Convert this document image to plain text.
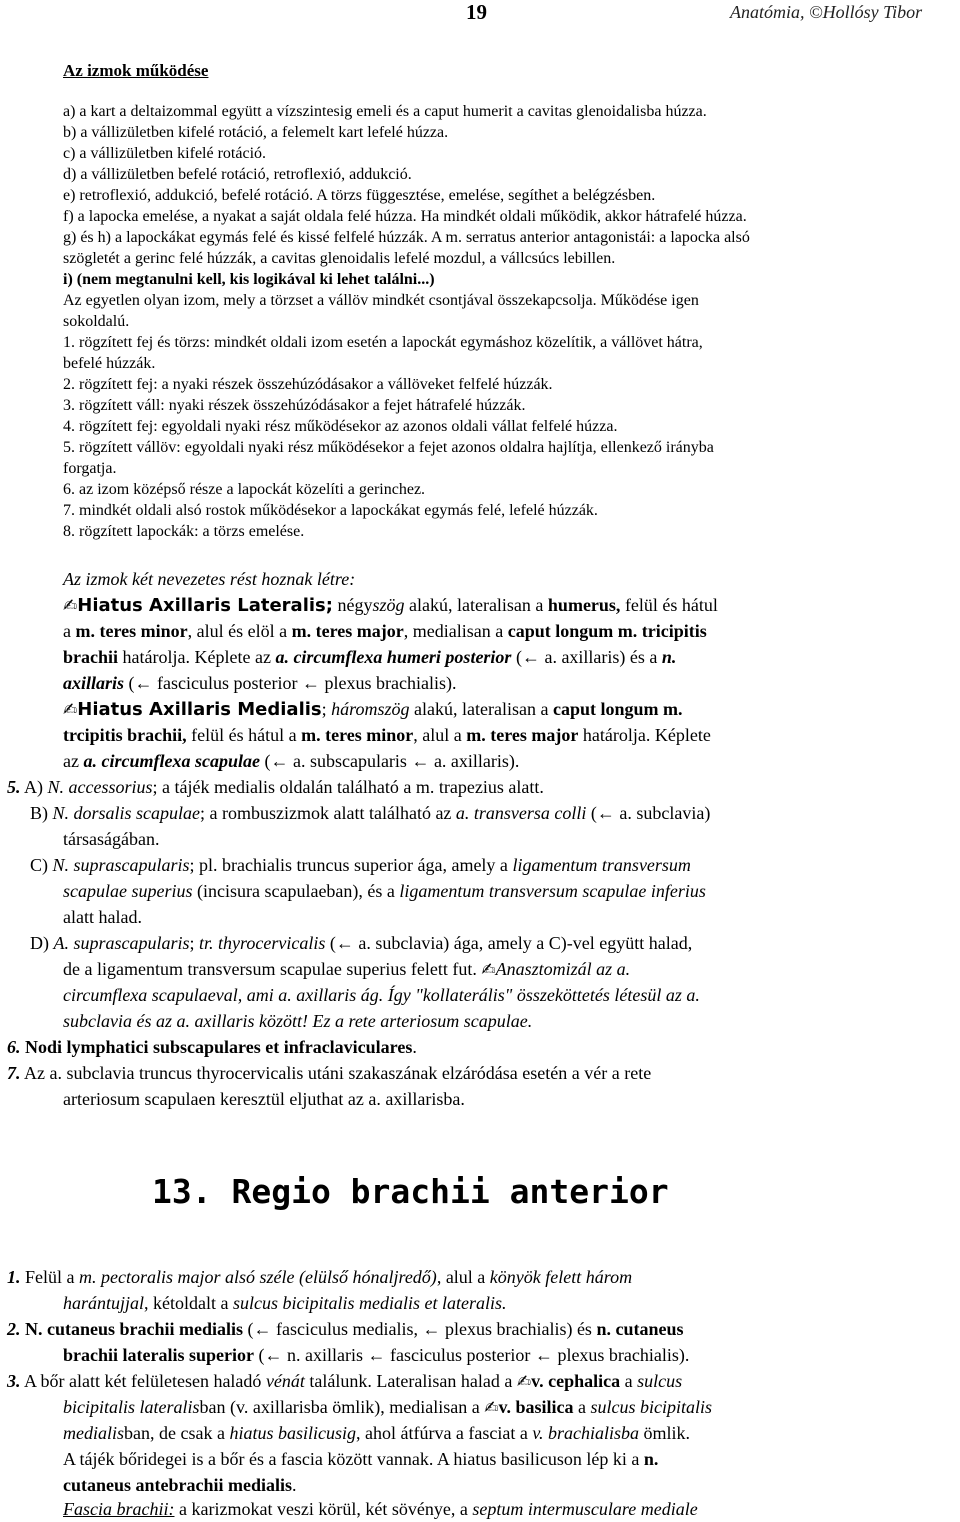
19	Anatómia, ©Hollósy Tibor
Az izmok működése
a) a kart a deltaizommal együtt a vízszintesig emeli és a caput humerit a cavitas glenoidalisba húzza.
b) a vállizületben kifelé rotáció, a felemelt kart lefelé húzza.
c) a vállizületben kifelé rotáció.
d) a vállizületben befelé rotáció, retroflexió, addukció.
e) retroflexió, addukció, befelé rotáció. A törzs függesztése, emelése, segíthet a belégzésben.
f) a lapocka emelése, a nyakat a saját oldala felé húzza. Ha mindkét oldali működik, akkor hátrafelé húzza.
g) és h) a lapockákat egymás felé és kissé felfelé húzzák. A m. serratus anterior antagonistái: a lapocka alsó
szögletét a gerinc felé húzzák, a cavitas glenoidalis lefelé mozdul, a vállcsúcs lebillen.
i) (nem megtanulni kell, kis logikával ki lehet találni...)
Az egyetlen olyan izom, mely a törzset a vállöv mindkét csontjával összekapcsolja. Működése igen
sokoldalú.
1. rögzített fej és törzs: mindkét oldali izom esetén a lapockát egymáshoz közelítik, a vállövet hátra,
befelé húzzák.
2. rögzített fej: a nyaki részek összehúzódásakor a vállöveket felfelé húzzák.
3. rögzített váll: nyaki részek összehúzódásakor a fejet hátrafelé húzzák.
4. rögzített fej: egyoldali nyaki rész működésekor az azonos oldali vállat felfelé húzza.
5. rögzített vállöv: egyoldali nyaki rész működésekor a fejet azonos oldalra hajlítja, ellenkező irányba
forgatja.
6. az izom középső része a lapockát közelíti a gerinchez.
7. mindkét oldali alsó rostok működésekor a lapockákat egymás felé, lefelé húzzák.
8. rögzített lapockák: a törzs emelése.
Az izmok két nevezetes rést hoznak létre:
✍Hiatus Axillaris Lateralis; négyszög alakú, lateralisan a humerus, felül és hátul
a m. teres minor, alul és elöl a m. teres major, medialisan a caput longum m. tricipitis
brachii határolja. Képlete az a. circumflexa humeri posterior (← a. axillaris) és a n.
axillaris (← fasciculus posterior ← plexus brachialis).
✍Hiatus Axillaris Medialis; háromszög alakú, lateralisan a caput longum m.
trcipitis brachii, felül és hátul a m. teres minor, alul a m. teres major határolja. Képlete
az a. circumflexa scapulae (← a. subscapularis ← a. axillaris).
5. A) N. accessorius; a tájék medialis oldalán található a m. trapezius alatt.
B) N. dorsalis scapulae; a rombuszizmok alatt található az a. transversa colli (← a. subclavia)
társaságában.
C) N. suprascapularis; pl. brachialis truncus superior ága, amely a ligamentum transversum
scapulae superius (incisura scapulaeban), és a ligamentum transversum scapulae inferius
alatt halad.
D) A. suprascapularis; tr. thyrocervicalis (← a. subclavia) ága, amely a C)-vel együtt halad,
de a ligamentum transversum scapulae superius felett fut. ✍Anasztomizál az a.
circumflexa scapulaeval, ami a. axillaris ág. Így "kollaterális" összeköttetés létesül az a.
subclavia és az a. axillaris között! Ez a rete arteriosum scapulae.
6. Nodi lymphatici subscapulares et infraclaviculares.
7. Az a. subclavia truncus thyrocervicalis utáni szakaszának elzáródása esetén a vér a rete
arteriosum scapulaen keresztül eljuthat az a. axillarisba.
13. Regio brachii anterior
1. Felül a m. pectoralis major alsó széle (elülső hónaljredő), alul a könyök felett három
harántujjal, kétoldalt a sulcus bicipitalis medialis et lateralis.
2. N. cutaneus brachii medialis (← fasciculus medialis, ← plexus brachialis) és n. cutaneus
brachii lateralis superior (← n. axillaris ← fasciculus posterior ← plexus brachialis).
3. A bőr alatt két felületesen haladó vénát találunk. Lateralisan halad a ✍v. cephalica a sulcus
bicipitalis lateralisban (v. axillarisba ömlik), medialisan a ✍v. basilica a sulcus bicipitalis
medialisban, de csak a hiatus basilicusig, ahol átfúrva a fasciat a v. brachialisba ömlik.
A tájék bőridegei is a bőr és a fascia között vannak. A hiatus basilicuson lép ki a n.
cutaneus antebrachii medialis.
Fascia brachii: a karizmokat veszi körül, két sövénye, a septum intermusculare mediale
